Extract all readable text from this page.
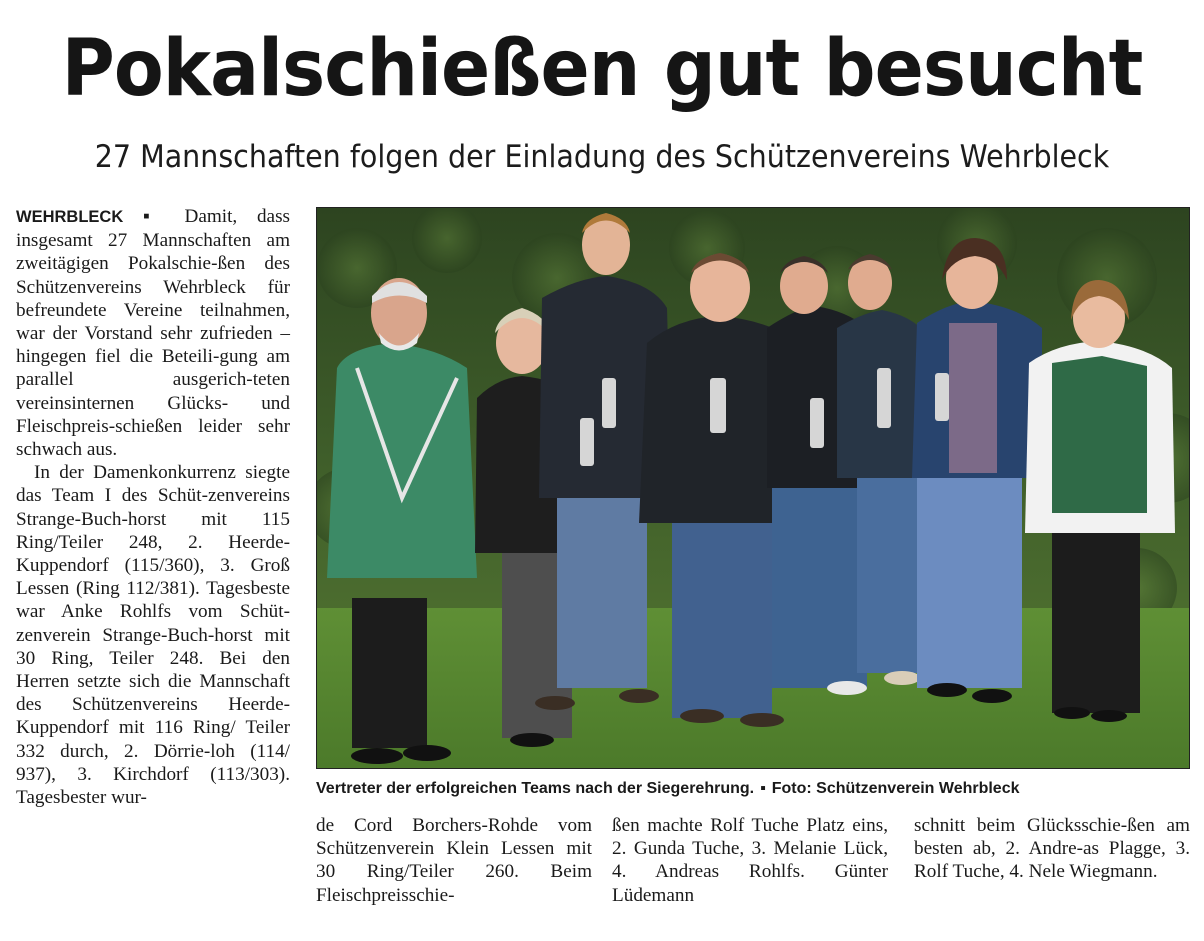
Pokalschießen gut besucht
27 Mannschaften folgen der Einladung des Schützenvereins Wehrbleck

WEHRBLECK ▪ Damit, dass insgesamt 27 Mannschaften am zweitägigen Pokalschie-ßen des Schützenvereins Wehrbleck für befreundete Vereine teilnahmen, war der Vorstand sehr zufrieden – hingegen fiel die Beteili-gung am parallel ausgerich-teten vereinsinternen Glücks- und Fleischpreis-schießen leider sehr schwach aus.

In der Damenkonkurrenz siegte das Team I des Schüt-zenvereins Strange-Buch-horst mit 115 Ring/Teiler 248, 2. Heerde-Kuppendorf (115/360), 3. Groß Lessen (Ring 112/381). Tagesbeste war Anke Rohlfs vom Schüt-zenverein Strange-Buch-horst mit 30 Ring, Teiler 248. Bei den Herren setzte sich die Mannschaft des Schützenvereins Heerde-Kuppendorf mit 116 Ring/ Teiler 332 durch, 2. Dörrie-loh (114/ 937), 3. Kirchdorf (113/303). Tagesbester wur-	Vertreter der erfolgreichen Teams nach der Siegerehrung. ▪ Foto: Schützenverein Wehrbleck
de Cord Borchers-Rohde vom Schützenverein Klein Lessen mit 30 Ring/Teiler 260. Beim Fleischpreisschie-
ßen machte Rolf Tuche Platz eins, 2. Gunda Tuche, 3. Melanie Lück, 4. Andreas Rohlfs. Günter Lüdemann
schnitt beim Glücksschie-ßen am besten ab, 2. Andre-as Plagge, 3. Rolf Tuche, 4. Nele Wiegmann.
